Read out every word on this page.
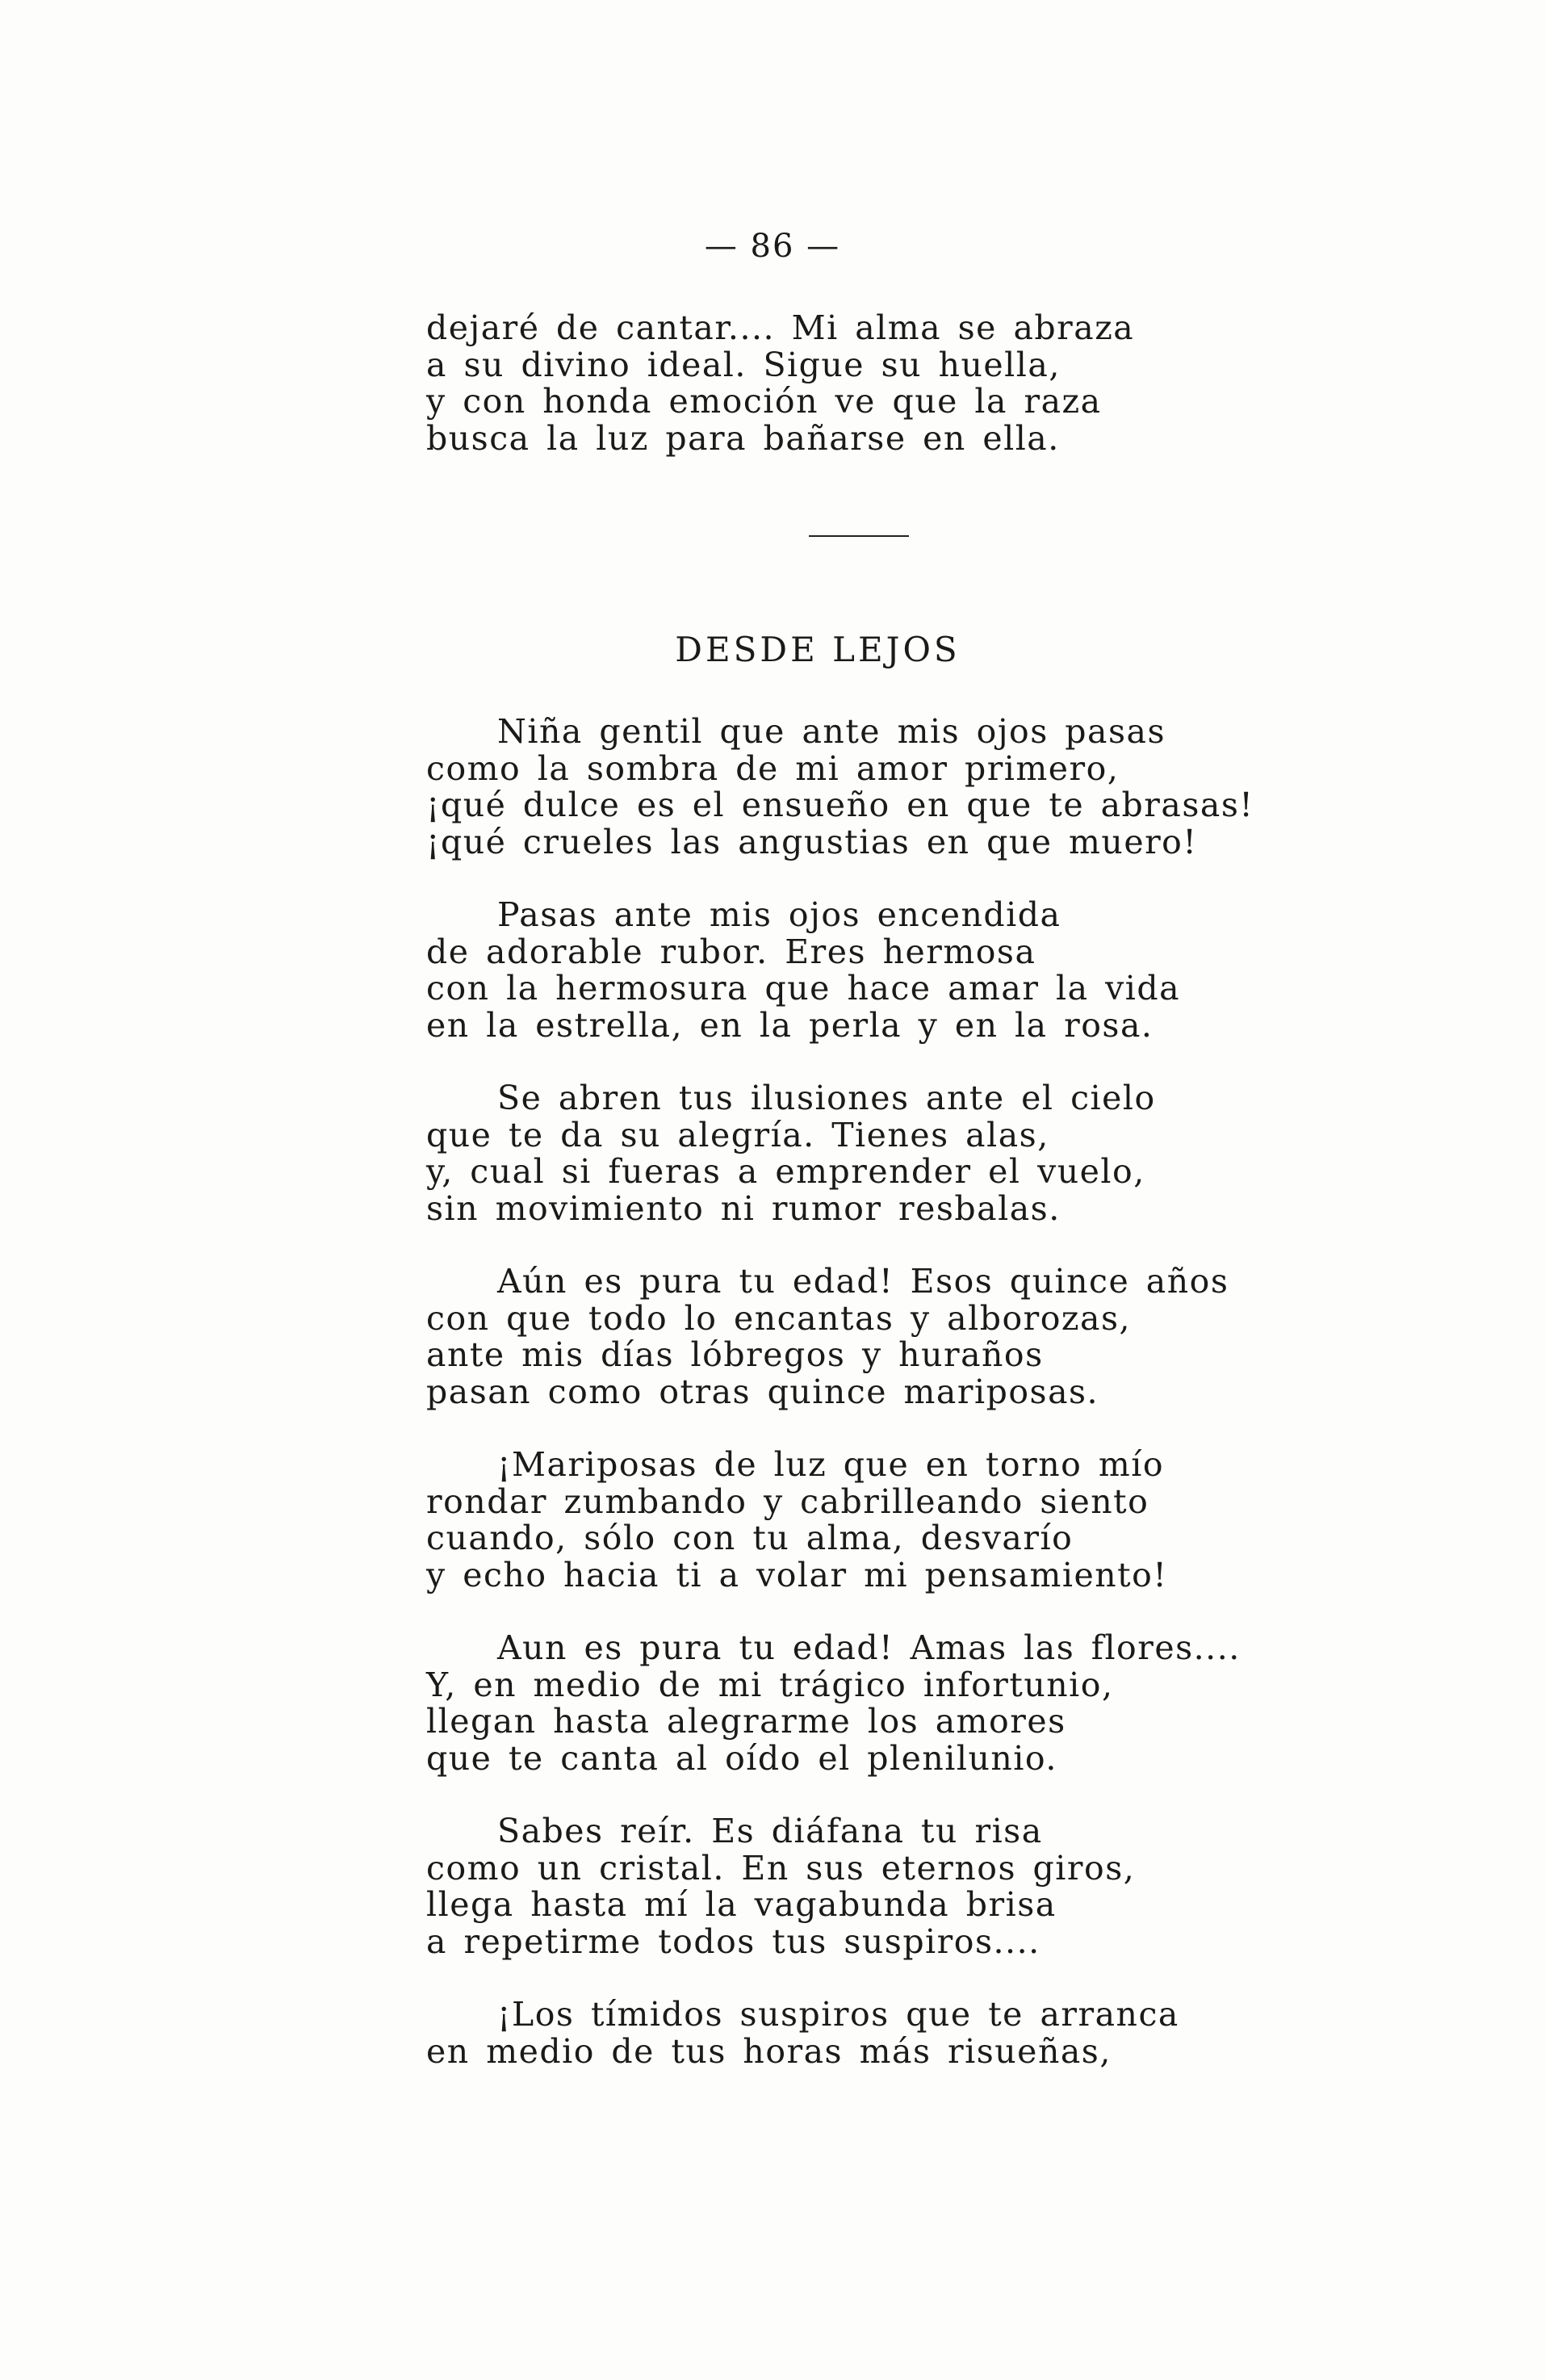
— 86 —
dejaré de cantar.... Mi alma se abraza
a su divino ideal. Sigue su huella,
y con honda emoción ve que la raza
busca la luz para bañarse en ella.
DESDE LEJOS
Niña gentil que ante mis ojos pasas
como la sombra de mi amor primero,
¡qué dulce es el ensueño en que te abrasas!
¡qué crueles las angustias en que muero!
Pasas ante mis ojos encendida
de adorable rubor. Eres hermosa
con la hermosura que hace amar la vida
en la estrella, en la perla y en la rosa.
Se abren tus ilusiones ante el cielo
que te da su alegría. Tienes alas,
y, cual si fueras a emprender el vuelo,
sin movimiento ni rumor resbalas.
Aún es pura tu edad! Esos quince años
con que todo lo encantas y alborozas,
ante mis días lóbregos y huraños
pasan como otras quince mariposas.
¡Mariposas de luz que en torno mío
rondar zumbando y cabrilleando siento
cuando, sólo con tu alma, desvarío
y echo hacia ti a volar mi pensamiento!
Aun es pura tu edad! Amas las flores....
Y, en medio de mi trágico infortunio,
llegan hasta alegrarme los amores
que te canta al oído el plenilunio.
Sabes reír. Es diáfana tu risa
como un cristal. En sus eternos giros,
llega hasta mí la vagabunda brisa
a repetirme todos tus suspiros....
¡Los tímidos suspiros que te arranca
en medio de tus horas más risueñas,
